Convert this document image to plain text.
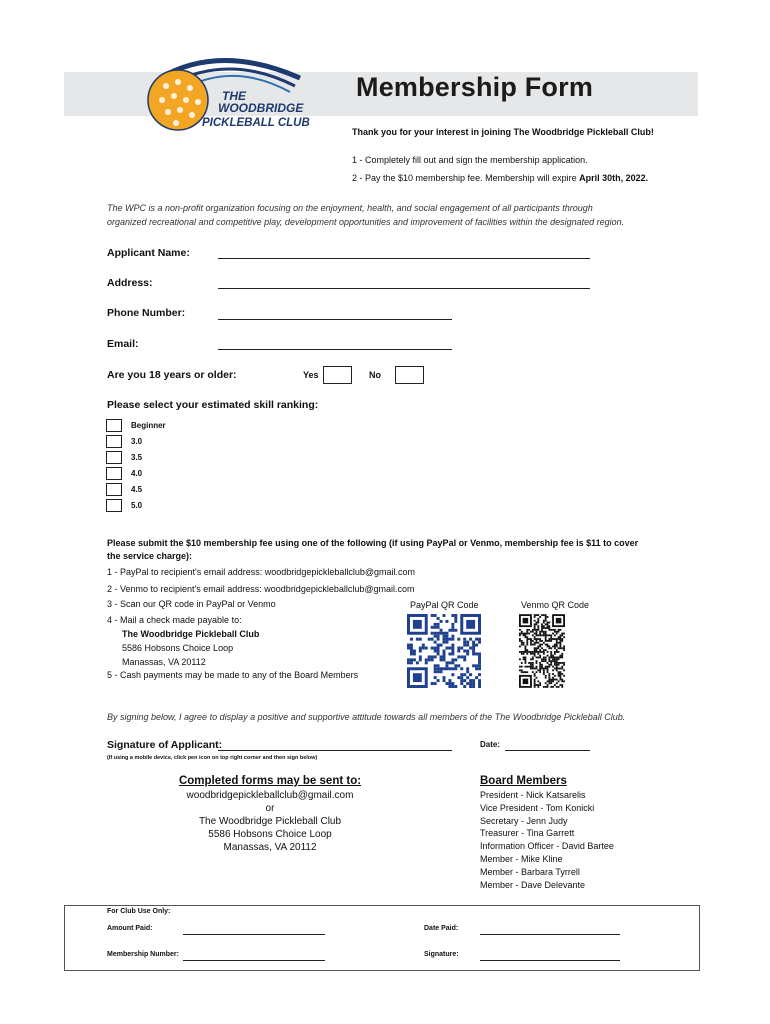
THE
WOODBRIDGE
PICKLEBALL CLUB
Membership Form
Thank you for your interest in joining The Woodbridge Pickleball Club!
1 - Completely fill out and sign the membership application.
2 - Pay the $10 membership fee. Membership will expire April 30th, 2022.
The WPC is a non-profit organization focusing on the enjoyment, health, and social engagement of all participants through
organized recreational and competitive play, development opportunities and improvement of facilities within the designated region.
Applicant Name:
Address:
Phone Number:
Email:
Are you 18 years or older:	Yes	No
Please select your estimated skill ranking:
Beginner
3.0
3.5
4.0
4.5
5.0
Please submit the $10 membership fee using one of the following (if using PayPal or Venmo, membership fee is $11 to cover
the service charge):
1 - PayPal to recipient's email address: woodbridgepickleballclub@gmail.com
2 - Venmo to recipient's email address: woodbridgepickleballclub@gmail.com
3 - Scan our QR code in PayPal or Venmo
4 - Mail a check made payable to:
The Woodbridge Pickleball Club
5586 Hobsons Choice Loop
Manassas, VA 20112
5 - Cash payments may be made to any of the Board Members
PayPal QR Code	Venmo QR Code
By signing below, I agree to display a positive and supportive attitude towards all members of the The Woodbridge Pickleball Club.
Signature of Applicant:
(If using a mobile device, click pen icon on top right corner and then sign below)
Date:
Completed forms may be sent to:
woodbridgepickleballclub@gmail.com
or
The Woodbridge Pickleball Club
5586 Hobsons Choice Loop
Manassas, VA 20112
Board Members
President - Nick Katsarelis
Vice President - Tom Konicki
Secretary - Jenn Judy
Treasurer - Tina Garrett
Information Officer - David Bartee
Member - Mike Kline
Member - Barbara Tyrrell
Member - Dave Delevante
For Club Use Only:
Amount Paid:	Date Paid:
Membership Number:	Signature:
